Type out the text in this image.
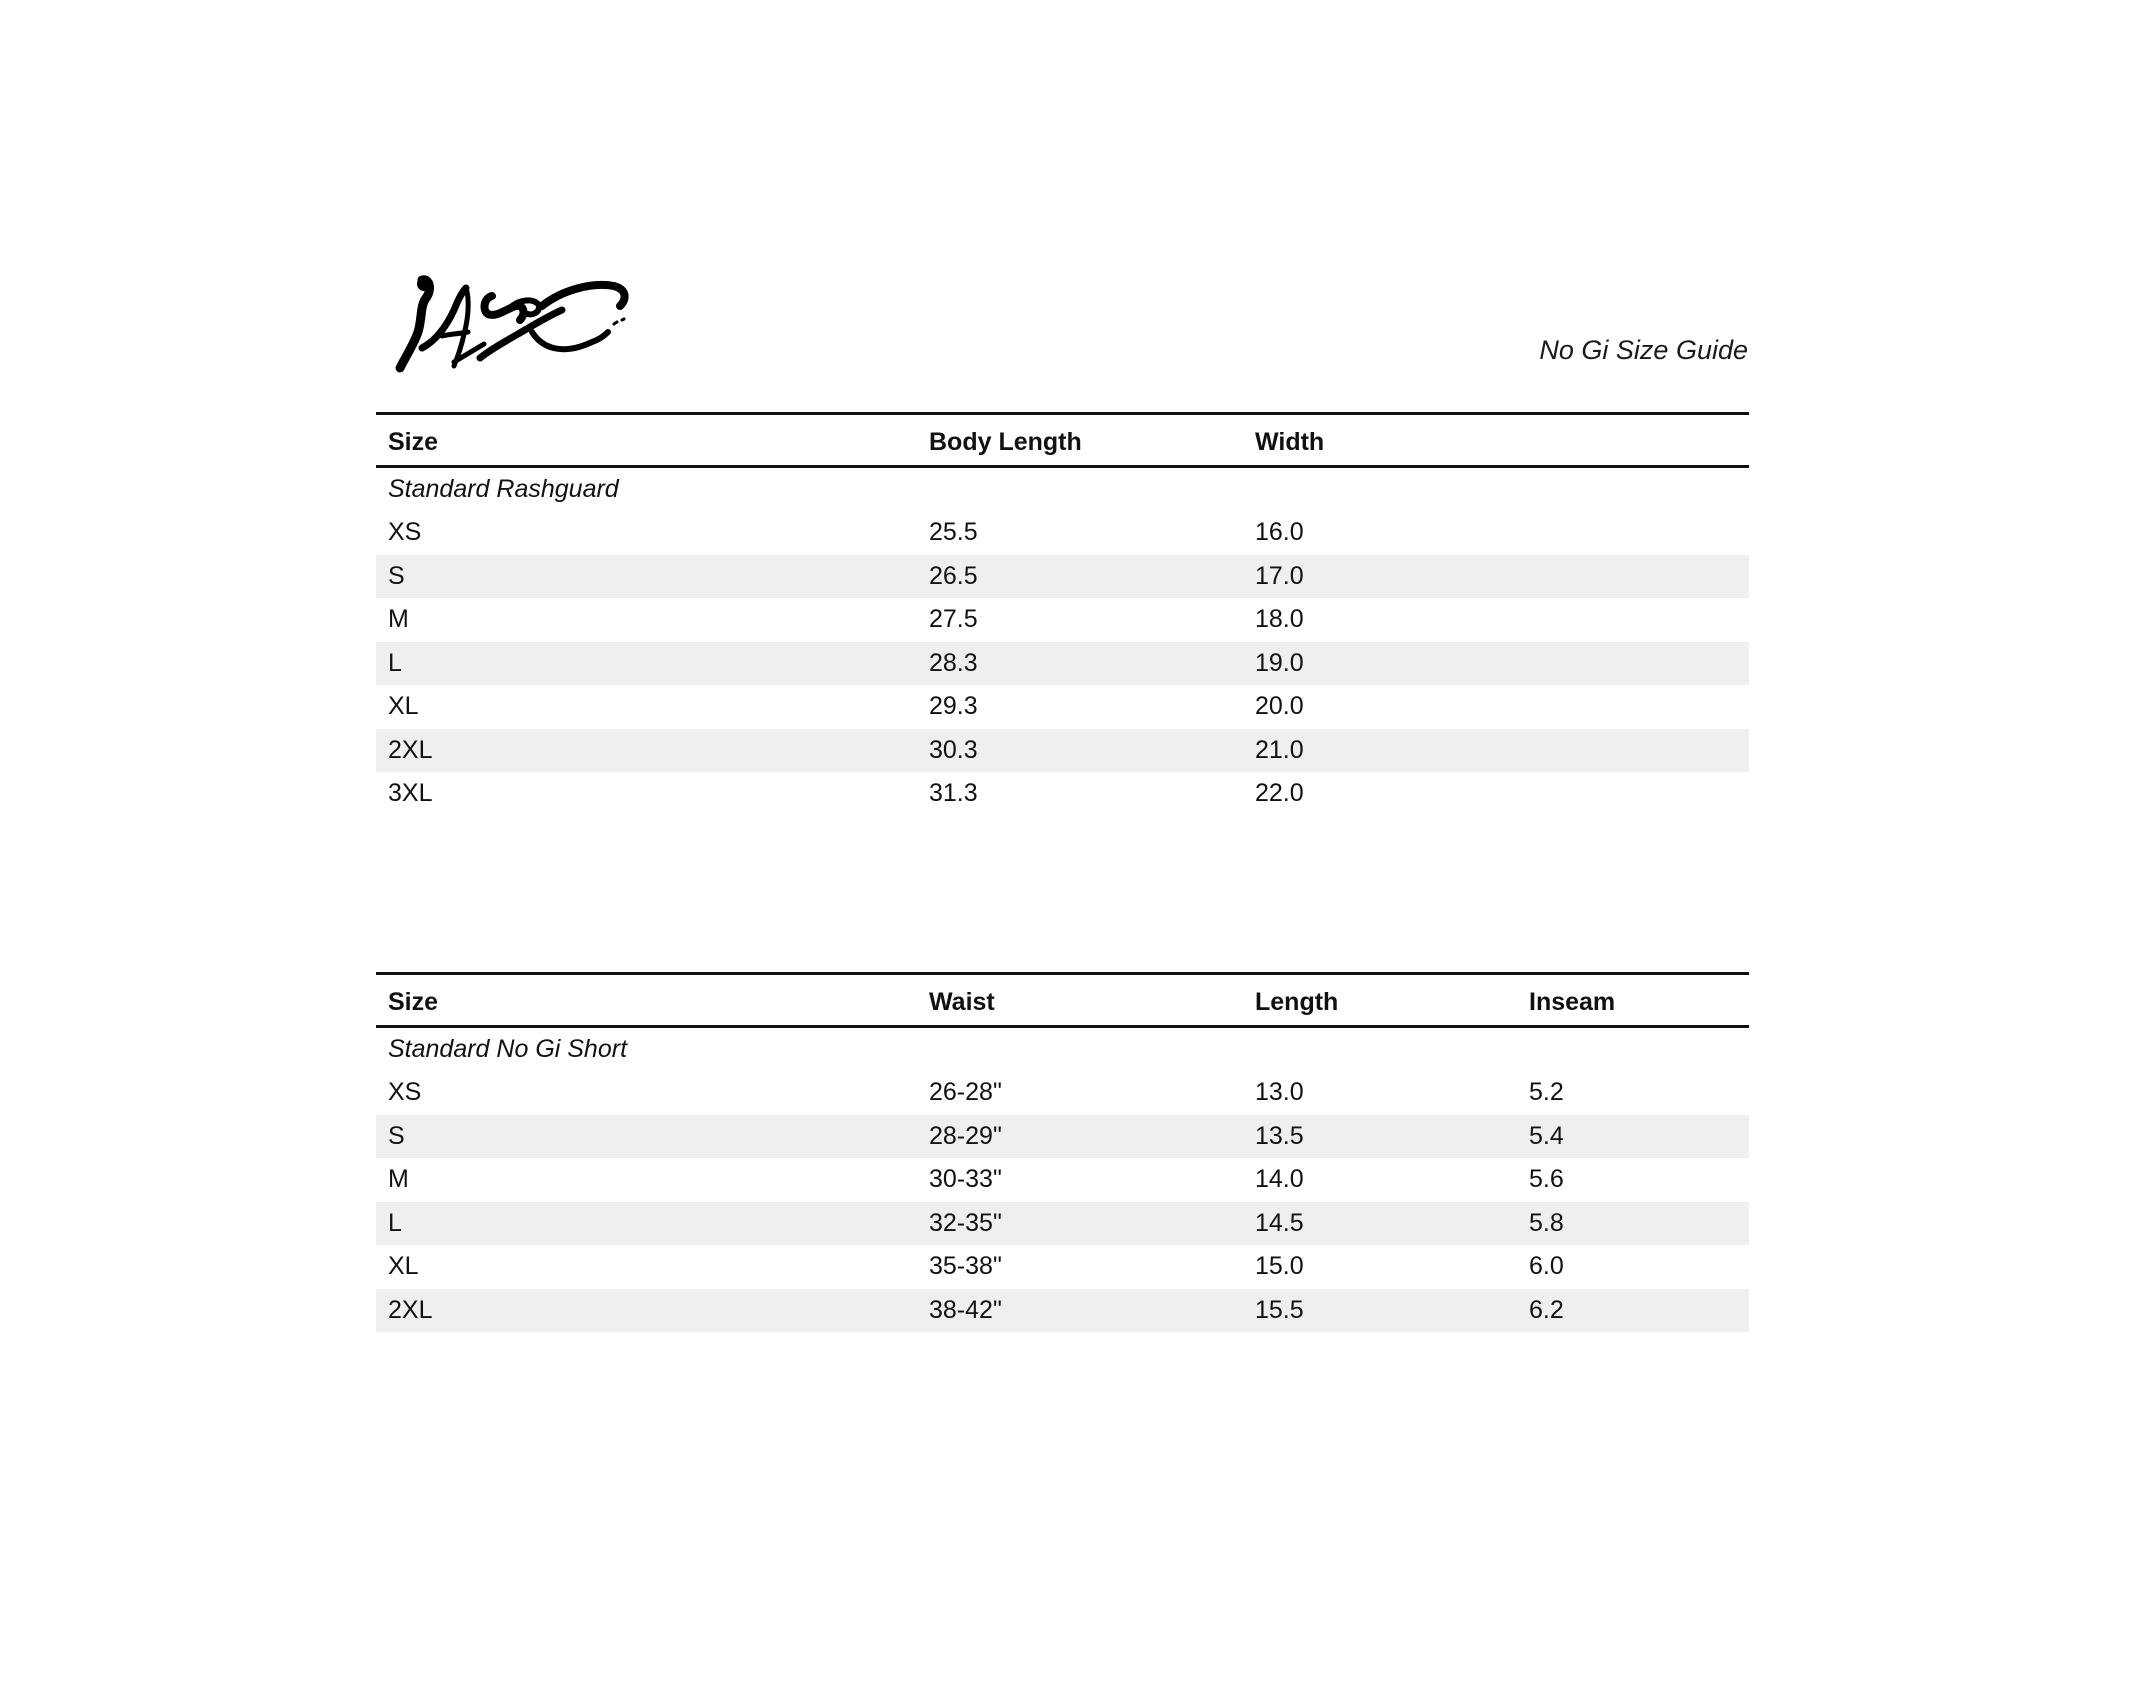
No Gi Size Guide
Size	Body Length	Width	
Standard Rashguard			
XS	25.5	16.0	
S	26.5	17.0	
M	27.5	18.0	
L	28.3	19.0	
XL	29.3	20.0	
2XL	30.3	21.0	
3XL	31.3	22.0	
Size	Waist	Length	Inseam
Standard No Gi Short			
XS	26-28"	13.0	5.2
S	28-29"	13.5	5.4
M	30-33"	14.0	5.6
L	32-35"	14.5	5.8
XL	35-38"	15.0	6.0
2XL	38-42"	15.5	6.2
